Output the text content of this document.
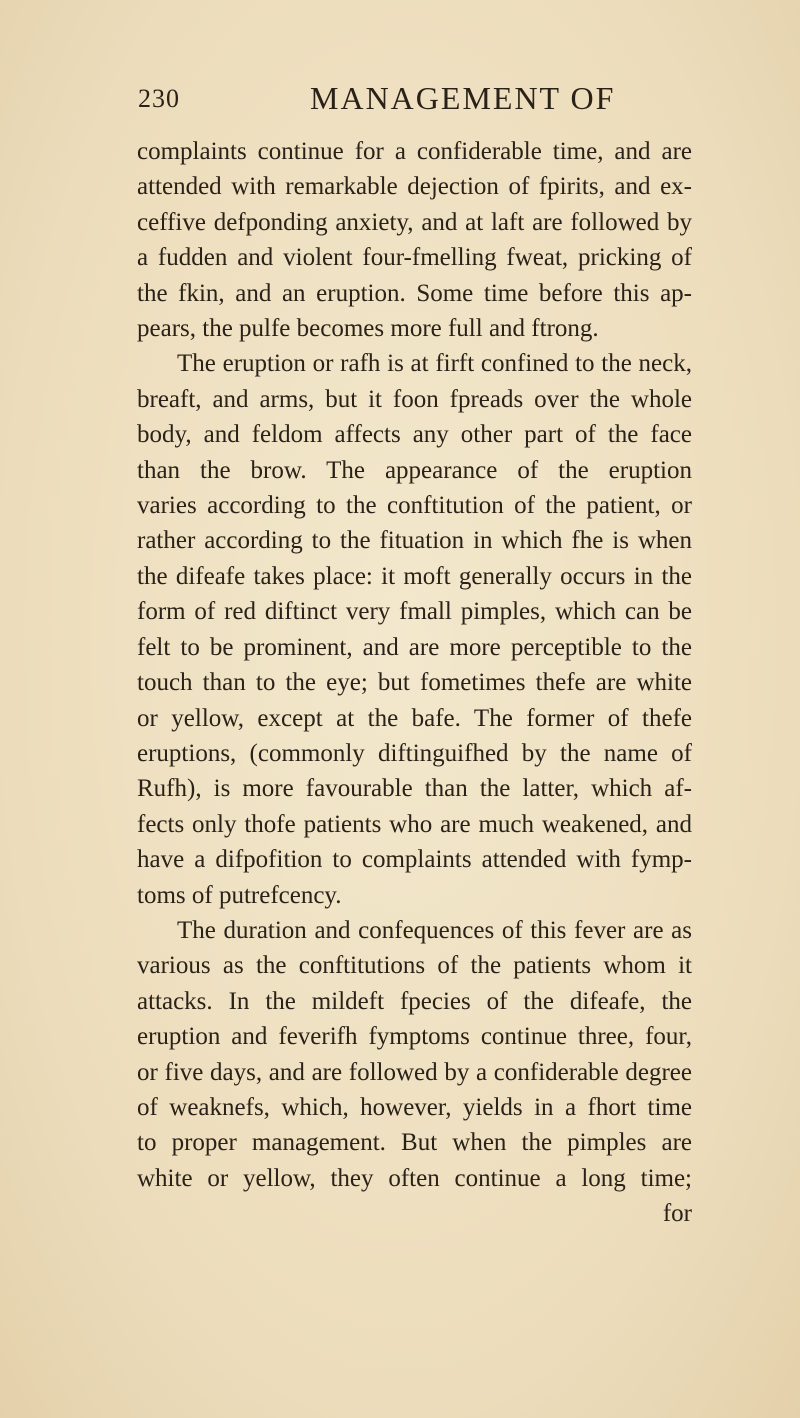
230	MANAGEMENT OF
complaints continue for a confiderable time, and are
attended with remarkable dejection of fpirits, and ex-
ceffive defponding anxiety, and at laft are followed by
a fudden and violent four-fmelling fweat, pricking of
the fkin, and an eruption. Some time before this ap-
pears, the pulfe becomes more full and ftrong.
The eruption or rafh is at firft confined to the neck,
breaft, and arms, but it foon fpreads over the whole
body, and feldom affects any other part of the face
than the brow. The appearance of the eruption
varies according to the conftitution of the patient, or
rather according to the fituation in which fhe is when
the difeafe takes place: it moft generally occurs in the
form of red diftinct very fmall pimples, which can be
felt to be prominent, and are more perceptible to the
touch than to the eye; but fometimes thefe are white
or yellow, except at the bafe. The former of thefe
eruptions, (commonly diftinguifhed by the name of
Rufh), is more favourable than the latter, which af-
fects only thofe patients who are much weakened, and
have a difpofition to complaints attended with fymp-
toms of putrefcency.
The duration and confequences of this fever are as
various as the conftitutions of the patients whom it
attacks. In the mildeft fpecies of the difeafe, the
eruption and feverifh fymptoms continue three, four,
or five days, and are followed by a confiderable degree
of weaknefs, which, however, yields in a fhort time
to proper management. But when the pimples are
white or yellow, they often continue a long time;
for
